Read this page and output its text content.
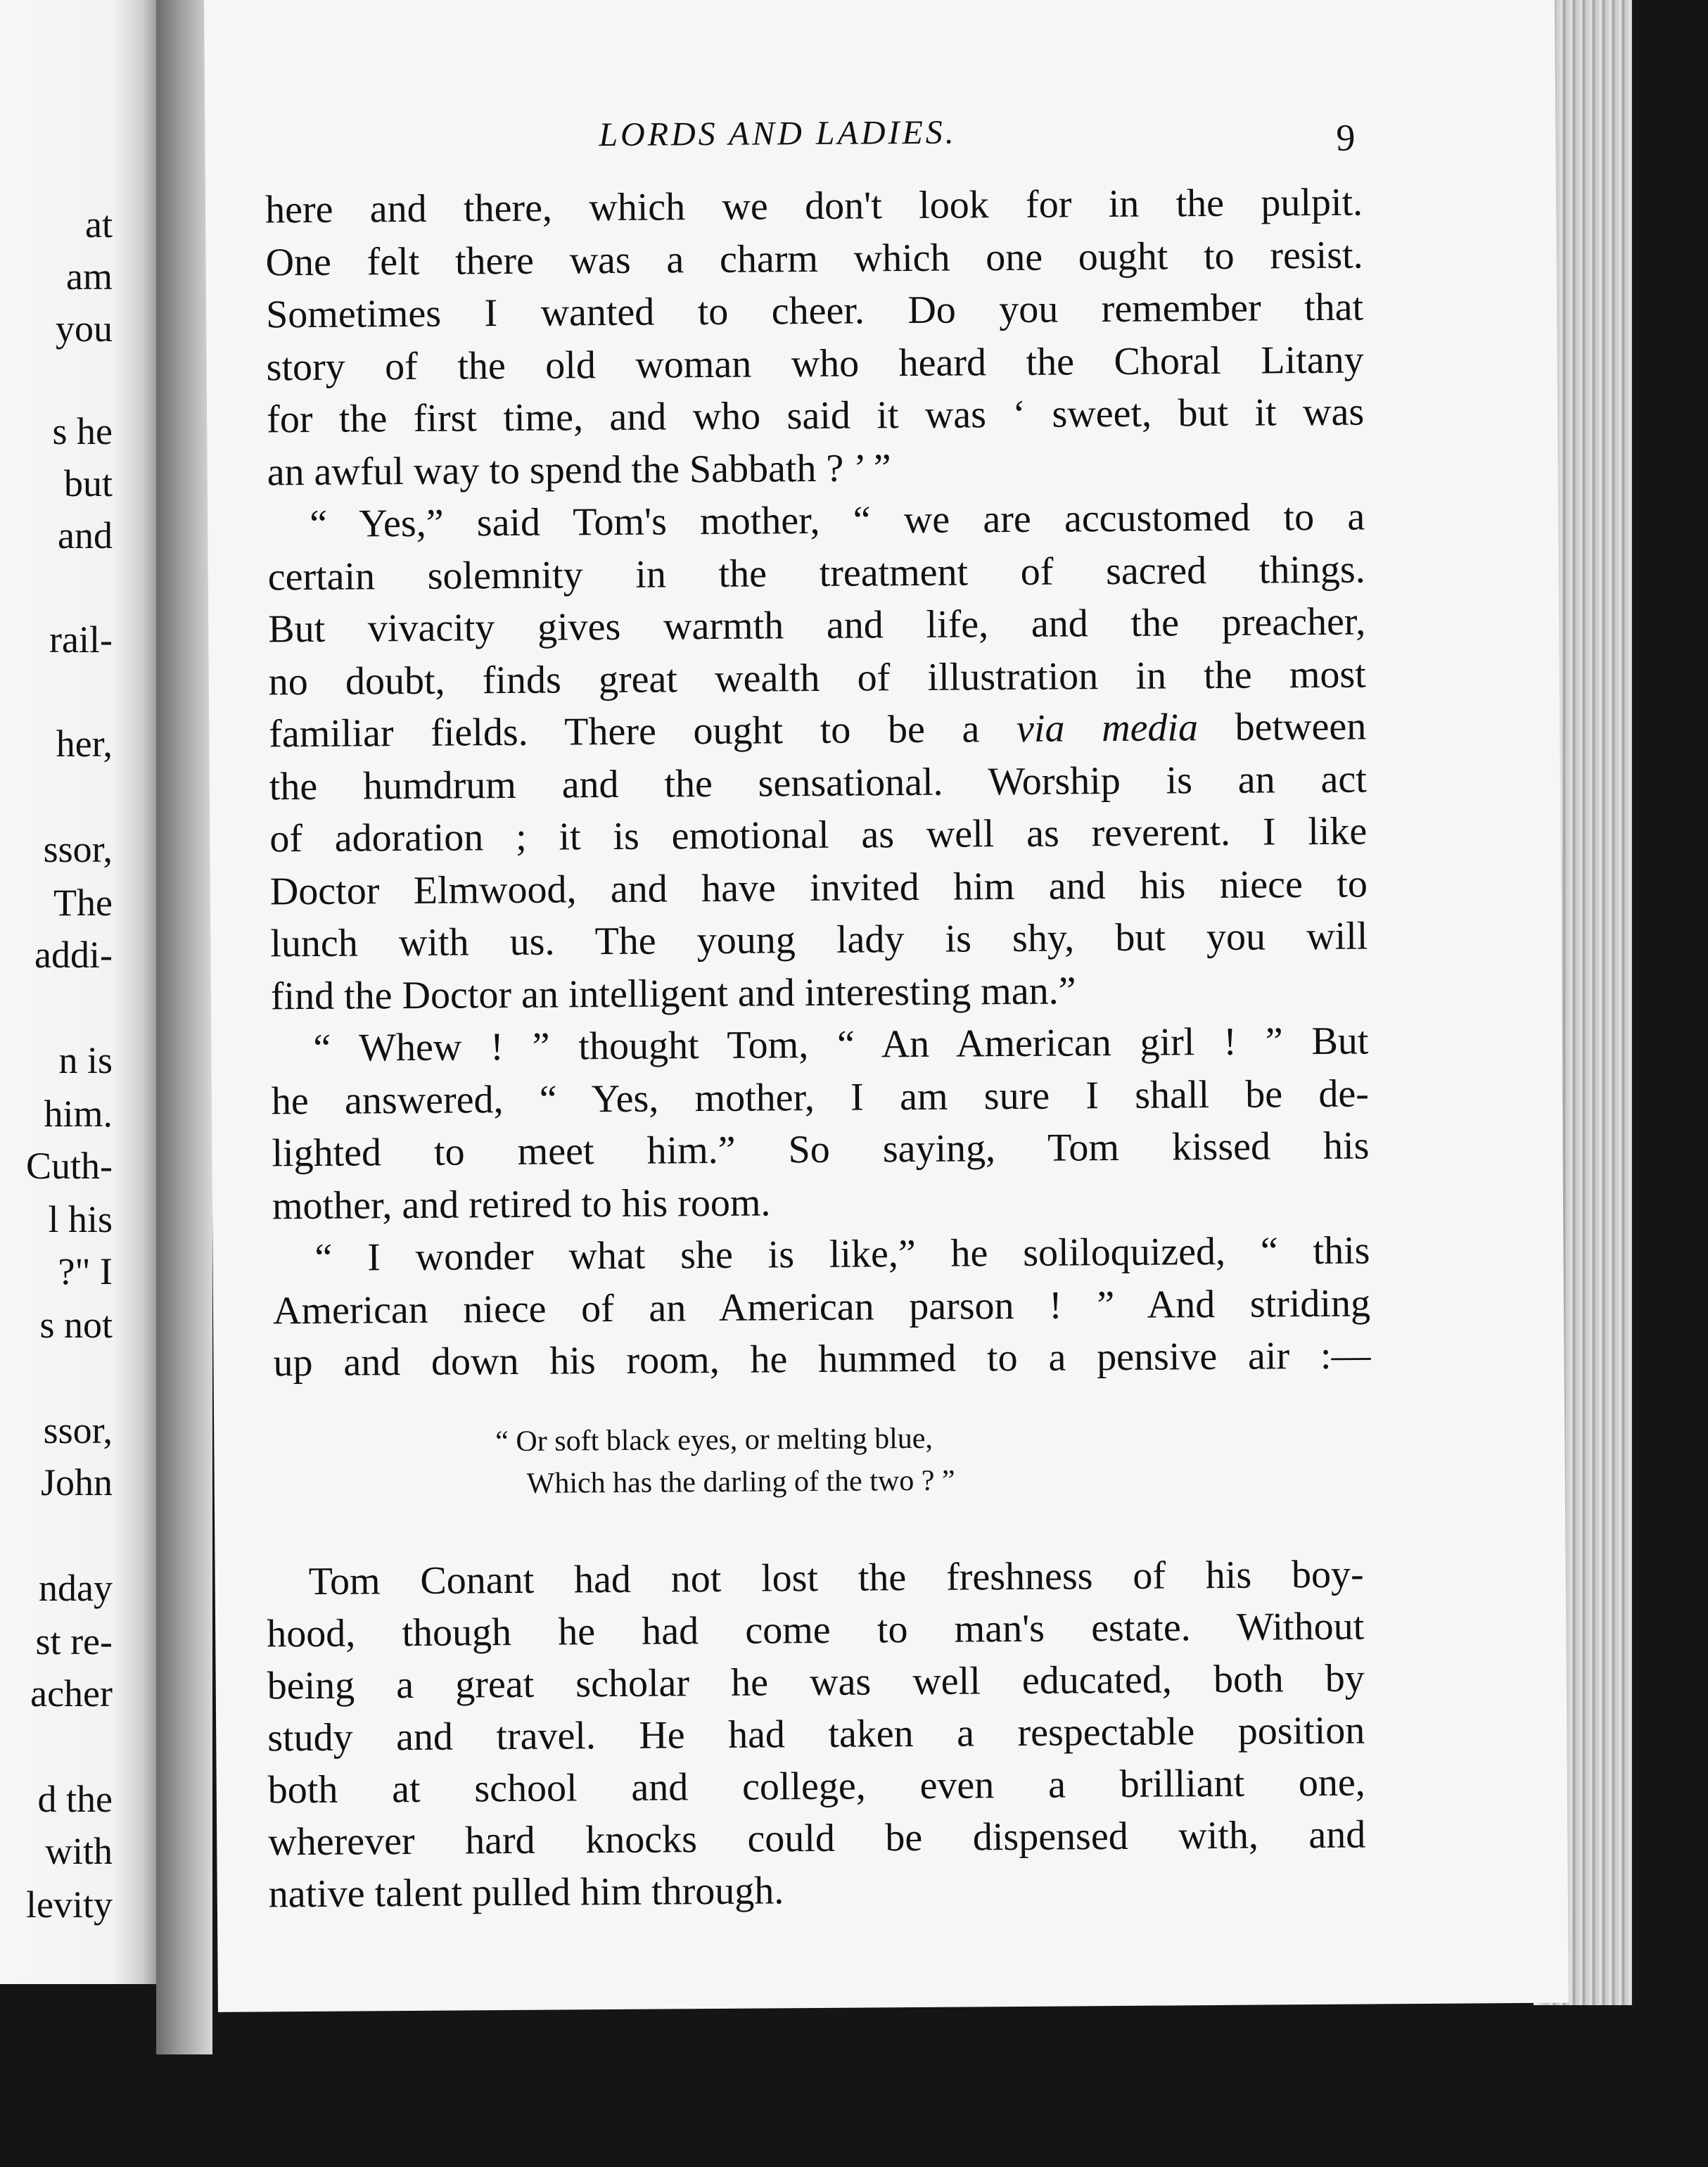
at
am
you
s he
but
and
rail-
her,
ssor,
The
addi-
n is
him.
Cuth-
l his
?" I
s not
ssor,
John
nday
st re-
acher
d the
with
levity
LORDS AND LADIES.	9
here and there, which we don't look for in the pulpit.
One felt there was a charm which one ought to resist.
Sometimes I wanted to cheer. Do you remember that
story of the old woman who heard the Choral Litany
for the first time, and who said it was ‘ sweet, but it was
an awful way to spend the Sabbath ? ’ ”
“ Yes,” said Tom's mother, “ we are accustomed to a
certain solemnity in the treatment of sacred things.
But vivacity gives warmth and life, and the preacher,
no doubt, finds great wealth of illustration in the most
familiar fields. There ought to be a via media between
the humdrum and the sensational. Worship is an act
of adoration ; it is emotional as well as reverent. I like
Doctor Elmwood, and have invited him and his niece to
lunch with us. The young lady is shy, but you will
find the Doctor an intelligent and interesting man.”
“ Whew ! ” thought Tom, “ An American girl ! ” But
he answered, “ Yes, mother, I am sure I shall be de-
lighted to meet him.” So saying, Tom kissed his
mother, and retired to his room.
“ I wonder what she is like,” he soliloquized, “ this
American niece of an American parson ! ” And striding
up and down his room, he hummed to a pensive air :—
“ Or soft black eyes, or melting blue,
Which has the darling of the two ? ”
Tom Conant had not lost the freshness of his boy-
hood, though he had come to man's estate. Without
being a great scholar he was well educated, both by
study and travel. He had taken a respectable position
both at school and college, even a brilliant one,
wherever hard knocks could be dispensed with, and
native talent pulled him through.
